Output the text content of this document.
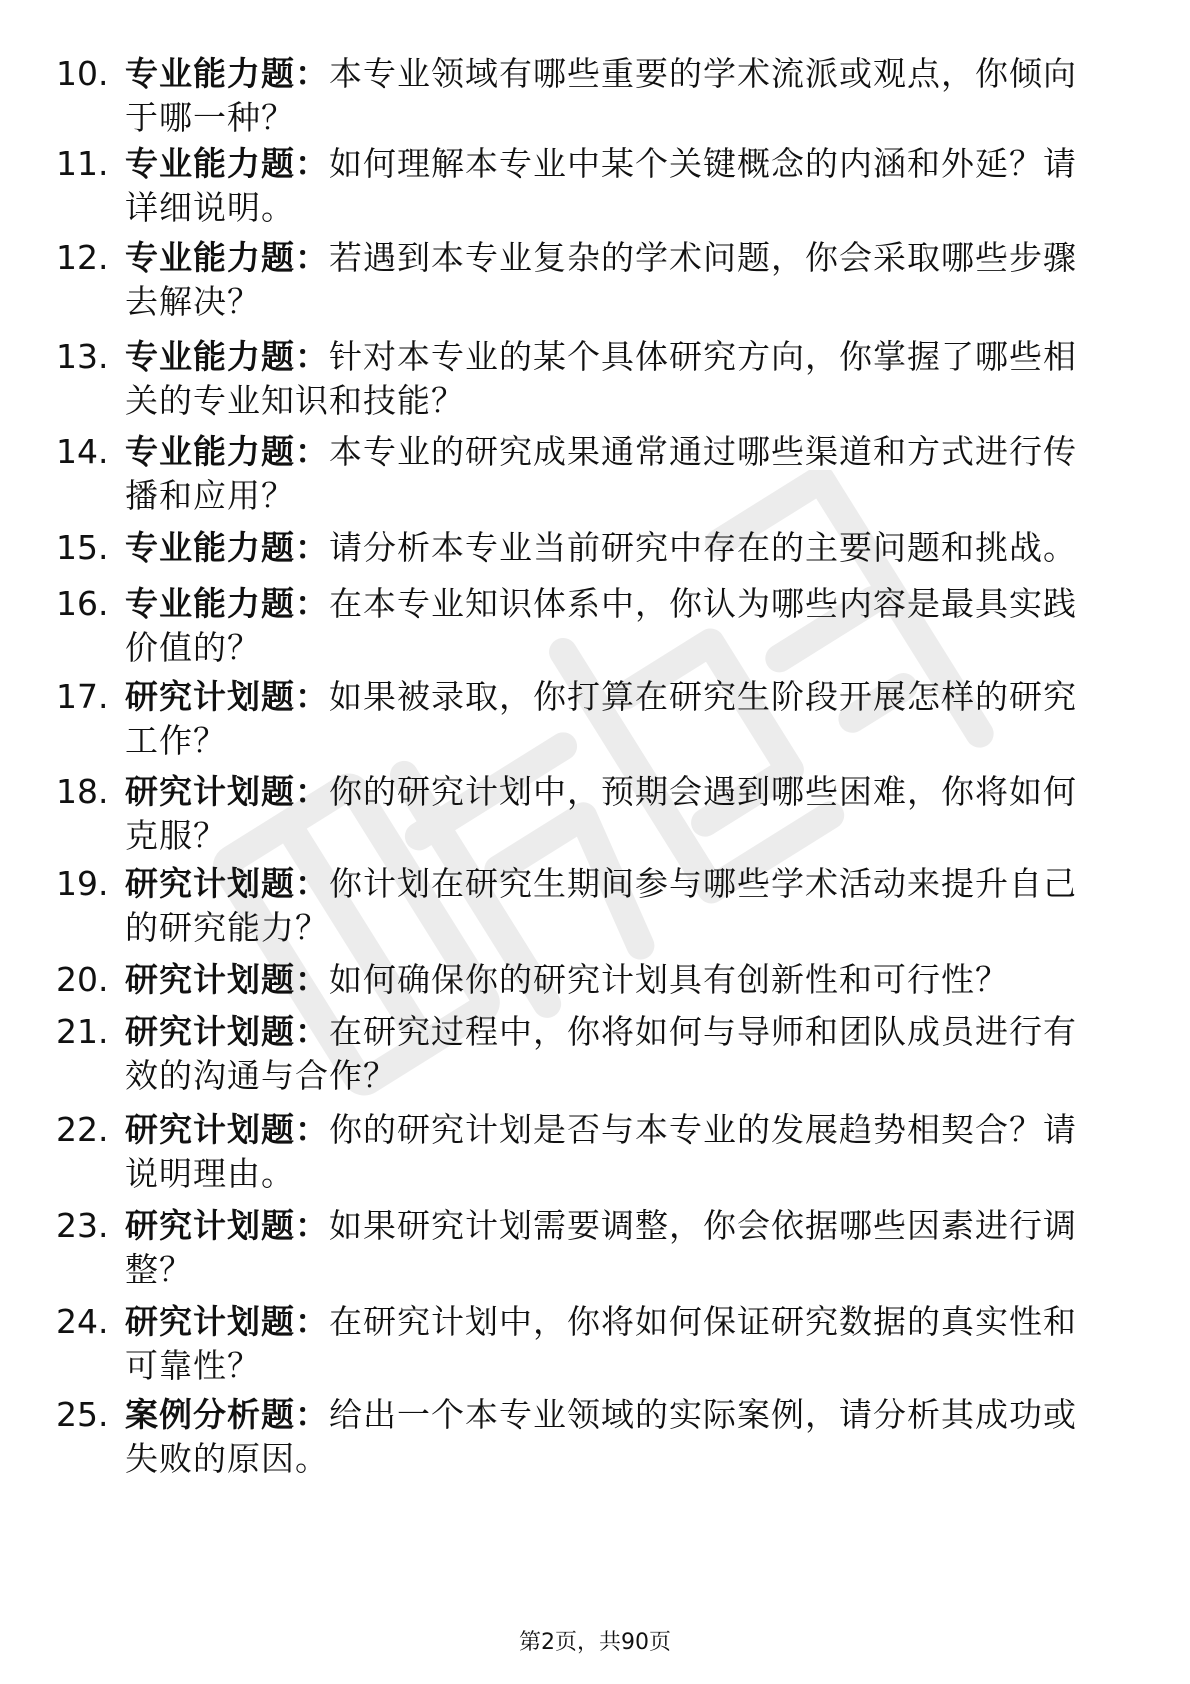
10. 专业能力题：本专业领域有哪些重要的学术流派或观点，你倾向于哪一种？
11. 专业能力题：如何理解本专业中某个关键概念的内涵和外延？请详细说明。
12. 专业能力题：若遇到本专业复杂的学术问题，你会采取哪些步骤去解决？
13. 专业能力题：针对本专业的某个具体研究方向，你掌握了哪些相关的专业知识和技能？
14. 专业能力题：本专业的研究成果通常通过哪些渠道和方式进行传播和应用？
15. 专业能力题：请分析本专业当前研究中存在的主要问题和挑战。
16. 专业能力题：在本专业知识体系中，你认为哪些内容是最具实践价值的？
17. 研究计划题：如果被录取，你打算在研究生阶段开展怎样的研究工作？
18. 研究计划题：你的研究计划中，预期会遇到哪些困难，你将如何克服？
19. 研究计划题：你计划在研究生期间参与哪些学术活动来提升自己的研究能力？
20. 研究计划题：如何确保你的研究计划具有创新性和可行性？
21. 研究计划题：在研究过程中，你将如何与导师和团队成员进行有效的沟通与合作？
22. 研究计划题：你的研究计划是否与本专业的发展趋势相契合？请说明理由。
23. 研究计划题：如果研究计划需要调整，你会依据哪些因素进行调整？
24. 研究计划题：在研究计划中，你将如何保证研究数据的真实性和可靠性？
25. 案例分析题：给出一个本专业领域的实际案例，请分析其成功或失败的原因。
第2页，共90页
